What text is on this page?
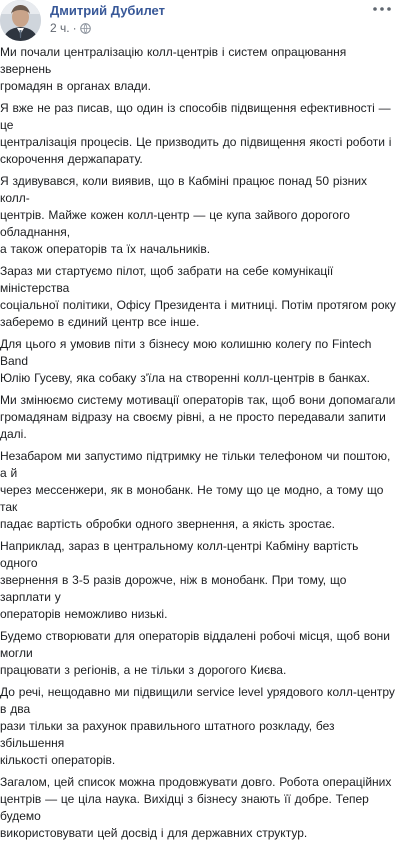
Дмитрий Дубилет
2 ч. ·

Ми почали централізацію колл-центрів і систем опрацювання звернень
громадян в органах влади.

Я вже не раз писав, що один із способів підвищення ефективності — це
централізація процесів. Це призводить до підвищення якості роботи і
скорочення держапарату.

Я здивувався, коли виявив, що в Кабміні працює понад 50 різних колл-
центрів. Майже кожен колл-центр — це купа зайвого дорогого обладнання,
а також операторів та їх начальників.

Зараз ми стартуємо пілот, щоб забрати на себе комунікації міністерства
соціальної політики, Офісу Президента і митниці. Потім протягом року
заберемо в єдиний центр все інше.

Для цього я умовив піти з бізнесу мою колишню колегу по Fintech Band
Юлію Гусеву, яка собаку з'їла на створенні колл-центрів в банках.

Ми змінюємо систему мотивації операторів так, щоб вони допомагали
громадянам відразу на своєму рівні, а не просто передавали запити далі.

Незабаром ми запустимо підтримку не тільки телефоном чи поштою, а й
через мессенжери, як в монобанк. Не тому що це модно, а тому що так
падає вартість обробки одного звернення, а якість зростає.

Наприклад, зараз в центральному колл-центрі Кабміну вартість одного
звернення в 3-5 разів дорожче, ніж в монобанк. При тому, що зарплати у
операторів неможливо низькі.

Будемо створювати для операторів віддалені робочі місця, щоб вони могли
працювати з регіонів, а не тільки з дорогого Києва.

До речі, нещодавно ми підвищили service level урядового колл-центру в два
рази тільки за рахунок правильного штатного розкладу, без збільшення
кількості операторів.

Загалом, цей список можна продовжувати довго. Робота операційних
центрів — це ціла наука. Вихідці з бізнесу знають її добре. Тепер будемо
використовувати цей досвід і для державних структур.
